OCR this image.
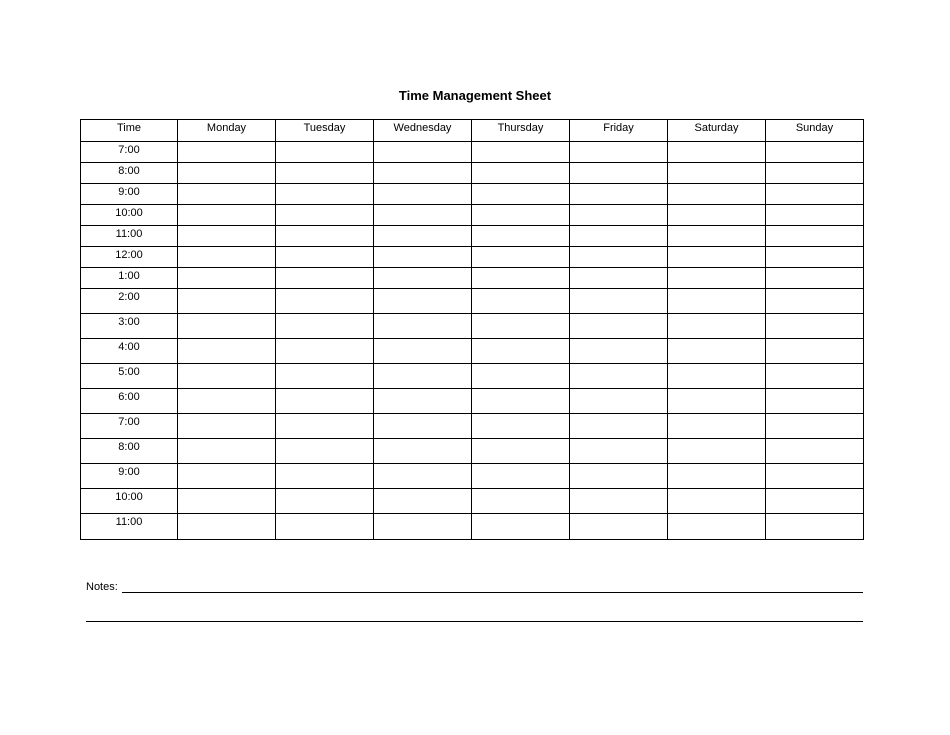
Time Management Sheet
Time	Monday	Tuesday	Wednesday	Thursday	Friday	Saturday	Sunday
7:00							
8:00							
9:00							
10:00							
11:00							
12:00							
1:00							
2:00							
3:00							
4:00							
5:00							
6:00							
7:00							
8:00							
9:00							
10:00							
11:00							
Notes:
